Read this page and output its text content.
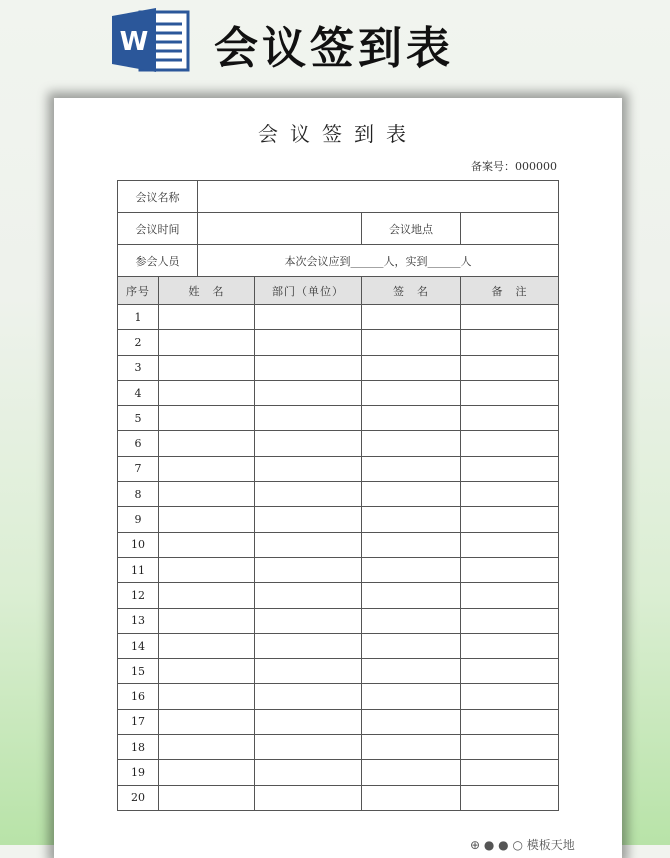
W 会议签到表
会议签到表
备案号：000000
会议名称					
会议时间				会议地点	
参会人员		本次会议应到______人，实到______人			
序号	姓　名		部门（单位）	签　名	备　注
1					
2					
3					
4					
5					
6					
7					
8					
9					
10					
11					
12					
13					
14					
15					
16					
17					
18					
19					
20					
⊕ ● ● ○ 模板天地
